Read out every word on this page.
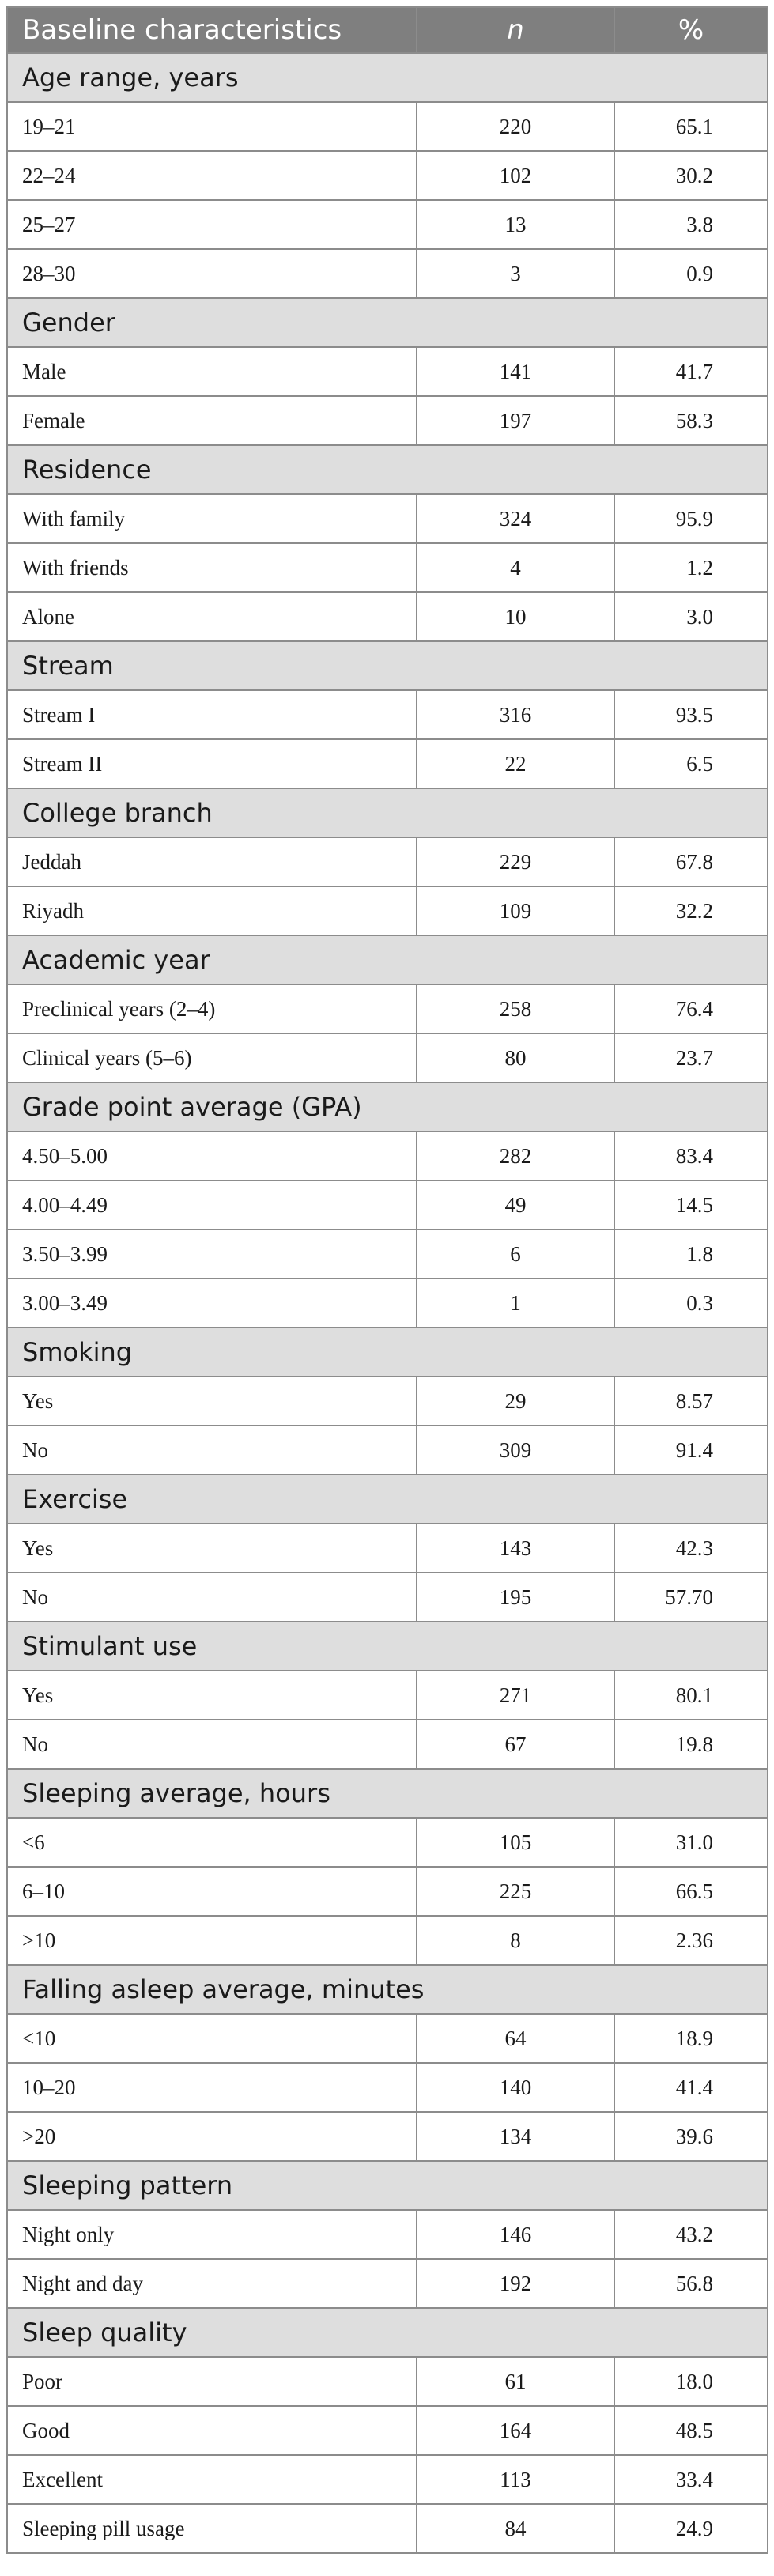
Baseline characteristics	n	%
Age range, years		
19–21	220	65.1
22–24	102	30.2
25–27	13	3.8
28–30	3	0.9
Gender		
Male	141	41.7
Female	197	58.3
Residence		
With family	324	95.9
With friends	4	1.2
Alone	10	3.0
Stream		
Stream I	316	93.5
Stream II	22	6.5
College branch		
Jeddah	229	67.8
Riyadh	109	32.2
Academic year		
Preclinical years (2–4)	258	76.4
Clinical years (5–6)	80	23.7
Grade point average (GPA)		
4.50–5.00	282	83.4
4.00–4.49	49	14.5
3.50–3.99	6	1.8
3.00–3.49	1	0.3
Smoking		
Yes	29	8.57
No	309	91.4
Exercise		
Yes	143	42.3
No	195	57.70
Stimulant use		
Yes	271	80.1
No	67	19.8
Sleeping average, hours		
<6	105	31.0
6–10	225	66.5
>10	8	2.36
Falling asleep average, minutes		
<10	64	18.9
10–20	140	41.4
>20	134	39.6
Sleeping pattern		
Night only	146	43.2
Night and day	192	56.8
Sleep quality		
Poor	61	18.0
Good	164	48.5
Excellent	113	33.4
Sleeping pill usage	84	24.9
